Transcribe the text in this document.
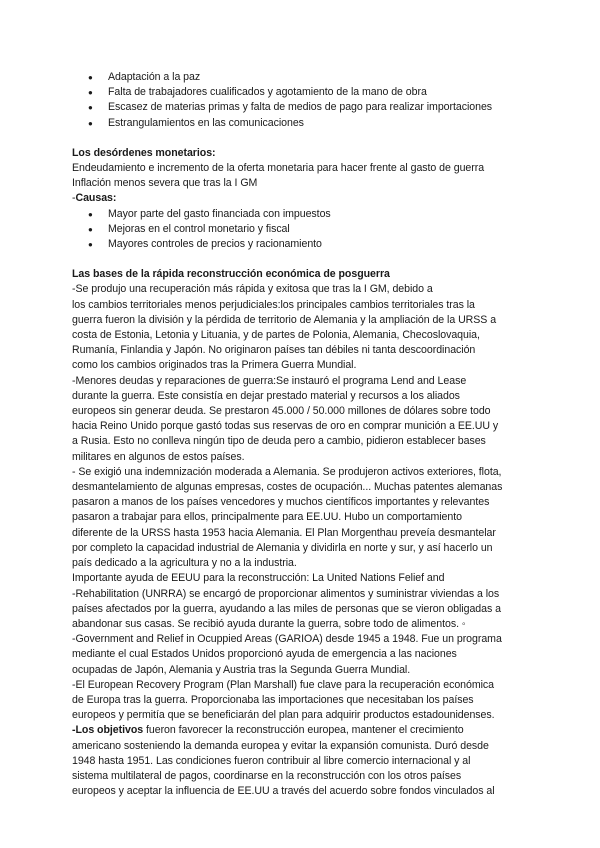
● Adaptación a la paz
● Falta de trabajadores cualificados y agotamiento de la mano de obra
● Escasez de materias primas y falta de medios de pago para realizar importaciones
● Estrangulamientos en las comunicaciones
Los desórdenes monetarios:
Endeudamiento e incremento de la oferta monetaria para hacer frente al gasto de guerra
Inflación menos severa que tras la I GM
-Causas:
● Mayor parte del gasto financiada con impuestos
● Mejoras en el control monetario y fiscal
● Mayores controles de precios y racionamiento
Las bases de la rápida reconstrucción económica de posguerra
-Se produjo una recuperación más rápida y exitosa que tras la I GM, debido a
los cambios territoriales menos perjudiciales:los principales cambios territoriales tras la
guerra fueron la división y la pérdida de territorio de Alemania y la ampliación de la URSS a
costa de Estonia, Letonia y Lituania, y de partes de Polonia, Alemania, Checoslovaquia,
Rumanía, Finlandia y Japón. No originaron países tan débiles ni tanta descoordinación
como los cambios originados tras la Primera Guerra Mundial.
-Menores deudas y reparaciones de guerra:Se instauró el programa Lend and Lease
durante la guerra. Este consistía en dejar prestado material y recursos a los aliados
europeos sin generar deuda. Se prestaron 45.000 / 50.000 millones de dólares sobre todo
hacia Reino Unido porque gastó todas sus reservas de oro en comprar munición a EE.UU y
a Rusia. Esto no conlleva ningún tipo de deuda pero a cambio, pidieron establecer bases
militares en algunos de estos países.
- Se exigió una indemnización moderada a Alemania. Se produjeron activos exteriores, flota,
desmantelamiento de algunas empresas, costes de ocupación... Muchas patentes alemanas
pasaron a manos de los países vencedores y muchos científicos importantes y relevantes
pasaron a trabajar para ellos, principalmente para EE.UU. Hubo un comportamiento
diferente de la URSS hasta 1953 hacia Alemania. El Plan Morgenthau preveía desmantelar
por completo la capacidad industrial de Alemania y dividirla en norte y sur, y así hacerlo un
país dedicado a la agricultura y no a la industria.
Importante ayuda de EEUU para la reconstrucción: La United Nations Felief and
-Rehabilitation (UNRRA) se encargó de proporcionar alimentos y suministrar viviendas a los
países afectados por la guerra, ayudando a las miles de personas que se vieron obligadas a
abandonar sus casas. Se recibió ayuda durante la guerra, sobre todo de alimentos. ◦
-Government and Relief in Ocuppied Areas (GARIOA) desde 1945 a 1948. Fue un programa
mediante el cual Estados Unidos proporcionó ayuda de emergencia a las naciones
ocupadas de Japón, Alemania y Austria tras la Segunda Guerra Mundial.
-El European Recovery Program (Plan Marshall) fue clave para la recuperación económica
de Europa tras la guerra. Proporcionaba las importaciones que necesitaban los países
europeos y permitía que se beneficiarán del plan para adquirir productos estadounidenses.
-Los objetivos fueron favorecer la reconstrucción europea, mantener el crecimiento
americano sosteniendo la demanda europea y evitar la expansión comunista. Duró desde
1948 hasta 1951. Las condiciones fueron contribuir al libre comercio internacional y al
sistema multilateral de pagos, coordinarse en la reconstrucción con los otros países
europeos y aceptar la influencia de EE.UU a través del acuerdo sobre fondos vinculados al
